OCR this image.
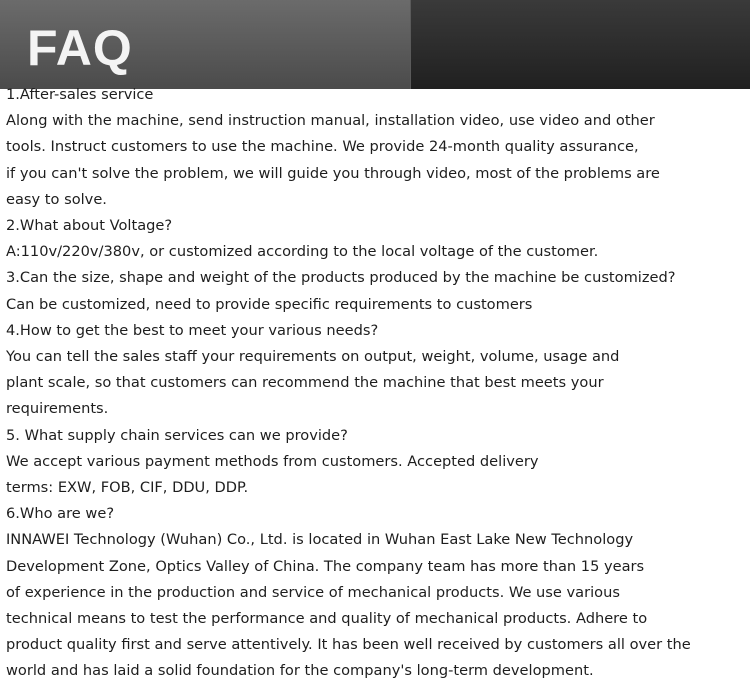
FAQ
1.After-sales service
Along with the machine, send instruction manual, installation video, use video and other
tools. Instruct customers to use the machine. We provide 24-month quality assurance,
if you can't solve the problem, we will guide you through video, most of the problems are
easy to solve.
2.What about Voltage?
A:110v/220v/380v, or customized according to the local voltage of the customer.
3.Can the size, shape and weight of the products produced by the machine be customized?
Can be customized, need to provide specific requirements to customers
4.How to get the best to meet your various needs?
You can tell the sales staff your requirements on output, weight, volume, usage and
plant scale, so that customers can recommend the machine that best meets your
requirements.
5. What supply chain services can we provide?
We accept various payment methods from customers. Accepted delivery
terms: EXW, FOB, CIF, DDU, DDP.
6.Who are we?
INNAWEI Technology (Wuhan) Co., Ltd. is located in Wuhan East Lake New Technology
Development Zone, Optics Valley of China. The company team has more than 15 years
of experience in the production and service of mechanical products. We use various
technical means to test the performance and quality of mechanical products. Adhere to
product quality first and serve attentively. It has been well received by customers all over the
world and has laid a solid foundation for the company's long-term development.
